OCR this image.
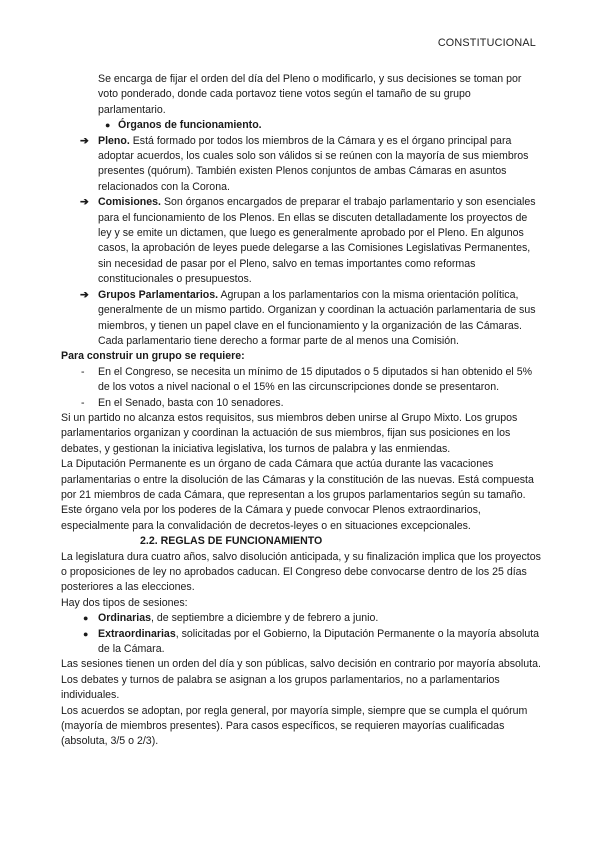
CONSTITUCIONAL

Se encarga de fijar el orden del día del Pleno o modificarlo, y sus decisiones se toman por voto ponderado, donde cada portavoz tiene votos según el tamaño de su grupo parlamentario.

● Órganos de funcionamiento.

➔ Pleno. Está formado por todos los miembros de la Cámara y es el órgano principal para adoptar acuerdos, los cuales solo son válidos si se reúnen con la mayoría de sus miembros presentes (quórum). También existen Plenos conjuntos de ambas Cámaras en asuntos relacionados con la Corona.

➔ Comisiones. Son órganos encargados de preparar el trabajo parlamentario y son esenciales para el funcionamiento de los Plenos. En ellas se discuten detalladamente los proyectos de ley y se emite un dictamen, que luego es generalmente aprobado por el Pleno. En algunos casos, la aprobación de leyes puede delegarse a las Comisiones Legislativas Permanentes, sin necesidad de pasar por el Pleno, salvo en temas importantes como reformas constitucionales o presupuestos.

➔ Grupos Parlamentarios. Agrupan a los parlamentarios con la misma orientación política, generalmente de un mismo partido. Organizan y coordinan la actuación parlamentaria de sus miembros, y tienen un papel clave en el funcionamiento y la organización de las Cámaras. Cada parlamentario tiene derecho a formar parte de al menos una Comisión.

Para construir un grupo se requiere:

- En el Congreso, se necesita un mínimo de 15 diputados o 5 diputados si han obtenido el 5% de los votos a nivel nacional o el 15% en las circunscripciones donde se presentaron.

- En el Senado, basta con 10 senadores.

Si un partido no alcanza estos requisitos, sus miembros deben unirse al Grupo Mixto. Los grupos parlamentarios organizan y coordinan la actuación de sus miembros, fijan sus posiciones en los debates, y gestionan la iniciativa legislativa, los turnos de palabra y las enmiendas.

La Diputación Permanente es un órgano de cada Cámara que actúa durante las vacaciones parlamentarias o entre la disolución de las Cámaras y la constitución de las nuevas. Está compuesta por 21 miembros de cada Cámara, que representan a los grupos parlamentarios según su tamaño. Este órgano vela por los poderes de la Cámara y puede convocar Plenos extraordinarios, especialmente para la convalidación de decretos-leyes o en situaciones excepcionales.

2.2. REGLAS DE FUNCIONAMIENTO

La legislatura dura cuatro años, salvo disolución anticipada, y su finalización implica que los proyectos o proposiciones de ley no aprobados caducan. El Congreso debe convocarse dentro de los 25 días posteriores a las elecciones.

Hay dos tipos de sesiones:

● Ordinarias, de septiembre a diciembre y de febrero a junio.

● Extraordinarias, solicitadas por el Gobierno, la Diputación Permanente o la mayoría absoluta de la Cámara.

Las sesiones tienen un orden del día y son públicas, salvo decisión en contrario por mayoría absoluta. Los debates y turnos de palabra se asignan a los grupos parlamentarios, no a parlamentarios individuales.

Los acuerdos se adoptan, por regla general, por mayoría simple, siempre que se cumpla el quórum (mayoría de miembros presentes). Para casos específicos, se requieren mayorías cualificadas (absoluta, 3/5 o 2/3).
